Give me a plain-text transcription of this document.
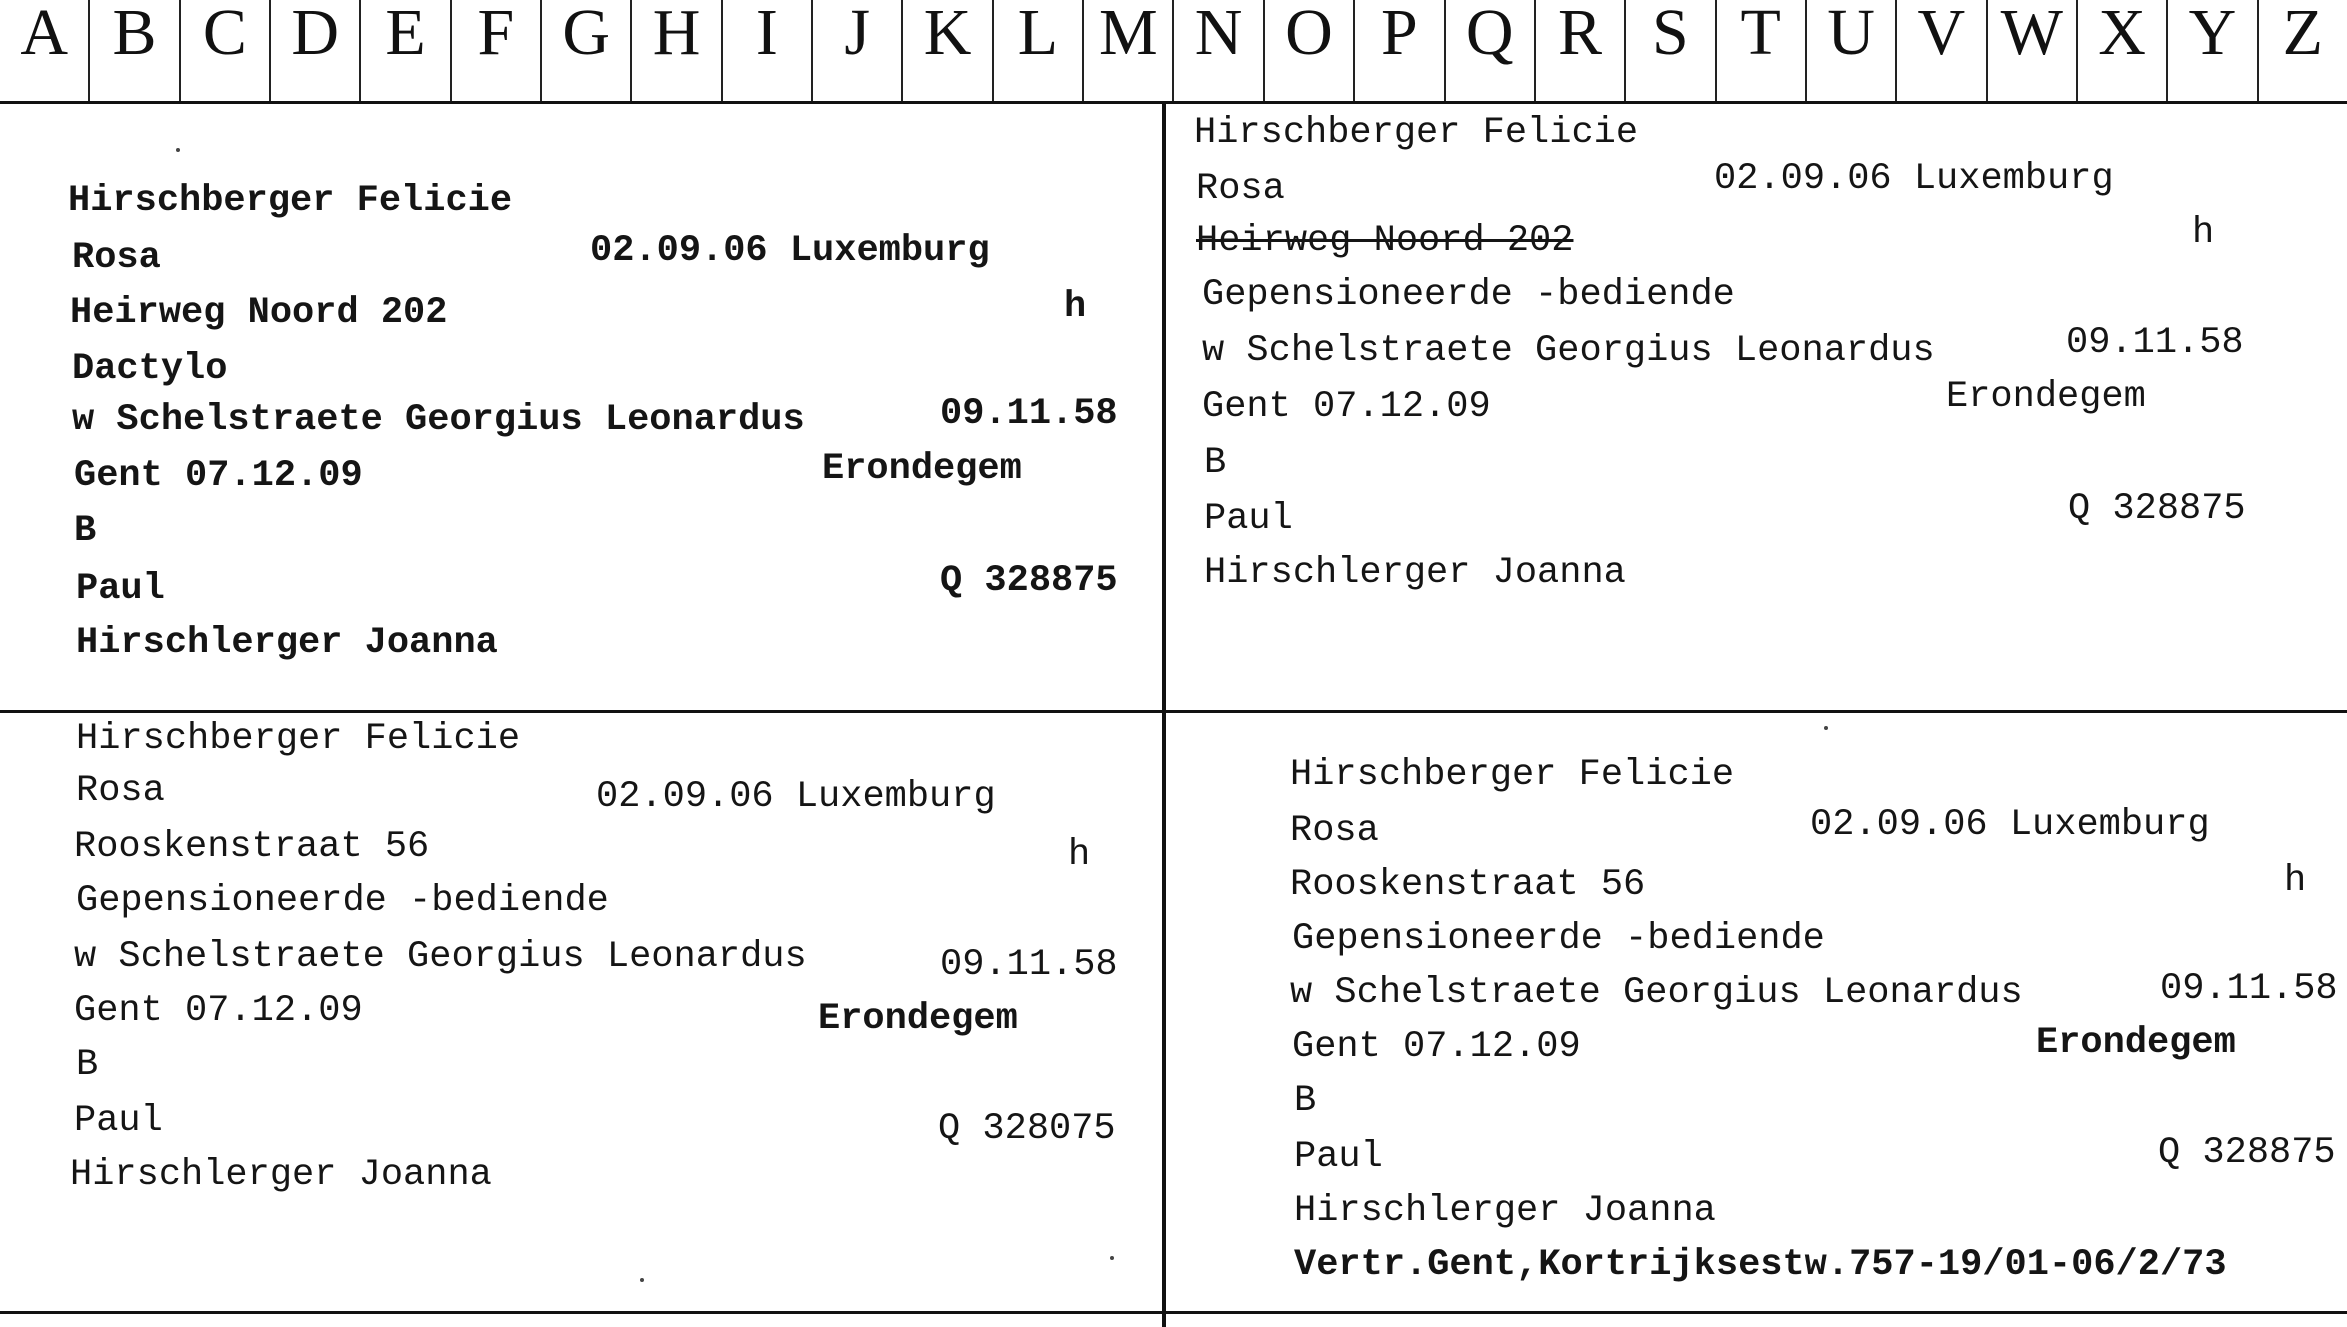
A B C D E F G H I	J K L M N O P Q R S T U V W X Y Z
Hirschberger Felicie
Rosa	02.09.06 Luxemburg
Heirweg Noord 202	h
Dactylo
w Schelstraete Georgius Leonardus	09.11.58
Gent 07.12.09	Erondegem
B
Paul	Q 328875
Hirschlerger Joanna
Hirschberger Felicie
Rosa	02.09.06 Luxemburg
Heirweg Noord 202	h
Gepensioneerde -bediende
w Schelstraete Georgius Leonardus	09.11.58
Gent 07.12.09	Erondegem
B
Paul	Q 328875
Hirschlerger Joanna
Hirschberger Felicie
Rosa	02.09.06 Luxemburg
Rooskenstraat 56	h
Gepensioneerde -bediende
w Schelstraete Georgius Leonardus	09.11.58
Gent 07.12.09	Erondegem
B
Paul	Q 328075
Hirschlerger Joanna
Hirschberger Felicie
Rosa	02.09.06 Luxemburg
Rooskenstraat 56	h
Gepensioneerde -bediende
w Schelstraete Georgius Leonardus	09.11.58
Gent 07.12.09	Erondegem
B
Paul	Q 328875
Hirschlerger Joanna
Vertr.Gent,Kortrijksestw.757-19/01-06/2/73
